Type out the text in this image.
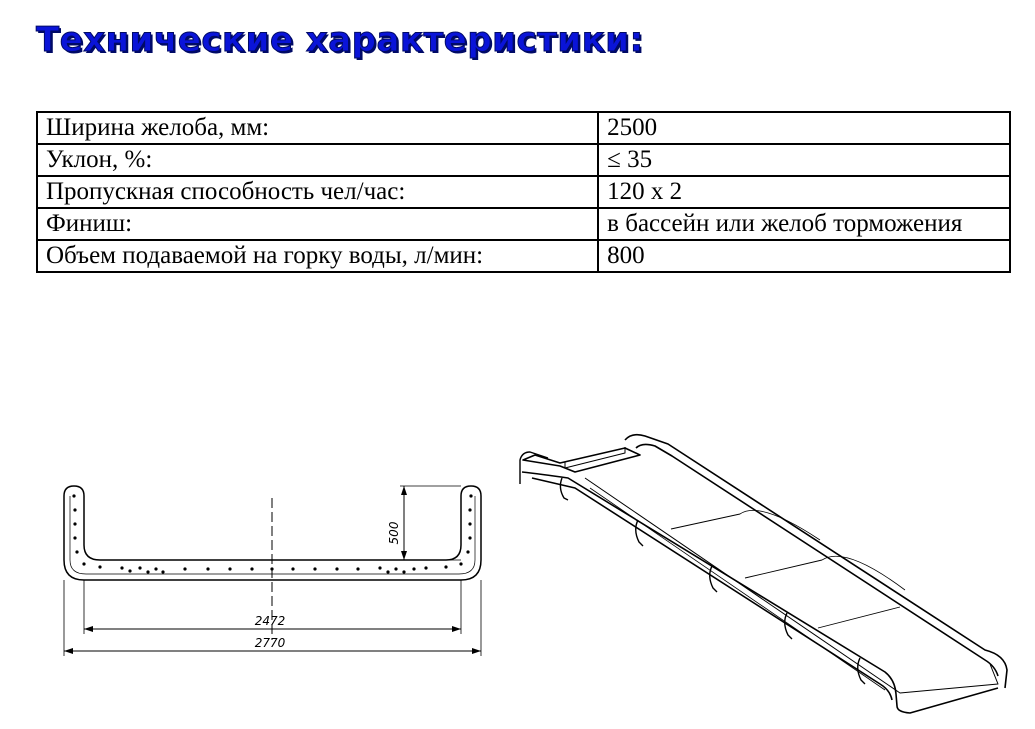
Технические характеристики:
Ширина желоба, мм:	2500
Уклон, %:	≤ 35
Пропускная способность чел/час:	120 х 2
Финиш:	в бассейн или желоб торможения
Объем подаваемой на горку воды, л/мин:	800
500
2472
2770
